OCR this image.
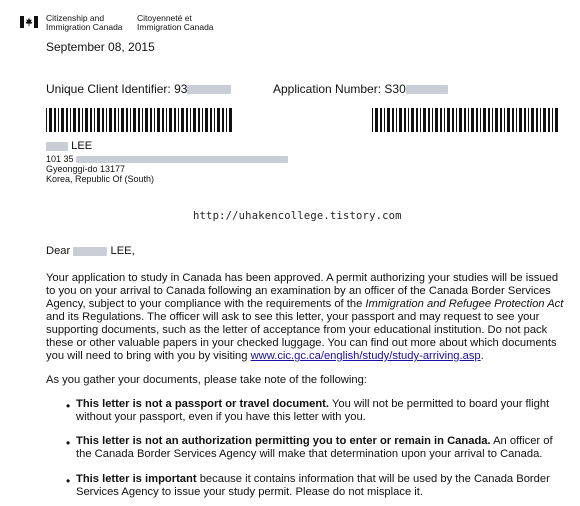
Citizenship and
Immigration Canada
Citoyenneté et
Immigration Canada
September 08, 2015
Unique Client Identifier: 93	Application Number: S30
LEE
101 35
Gyeonggi-do 13177
Korea, Republic Of (South)
http://uhakencollege.tistory.com
Dear	LEE,

Your application to study in Canada has been approved. A permit authorizing your studies will be issued to you on your arrival to Canada following an examination by an officer of the Canada Border Services Agency, subject to your compliance with the requirements of the Immigration and Refugee Protection Act and its Regulations. The officer will ask to see this letter, your passport and may request to see your supporting documents, such as the letter of acceptance from your educational institution. Do not pack these or other valuable papers in your checked luggage. You can find out more about which documents you will need to bring with you by visiting www.cic.gc.ca/english/study/study-arriving.asp.

As you gather your documents, please take note of the following:

• This letter is not a passport or travel document. You will not be permitted to board your flight without your passport, even if you have this letter with you.

• This letter is not an authorization permitting you to enter or remain in Canada. An officer of the Canada Border Services Agency will make that determination upon your arrival to Canada.

• This letter is important because it contains information that will be used by the Canada Border Services Agency to issue your study permit. Please do not misplace it.
